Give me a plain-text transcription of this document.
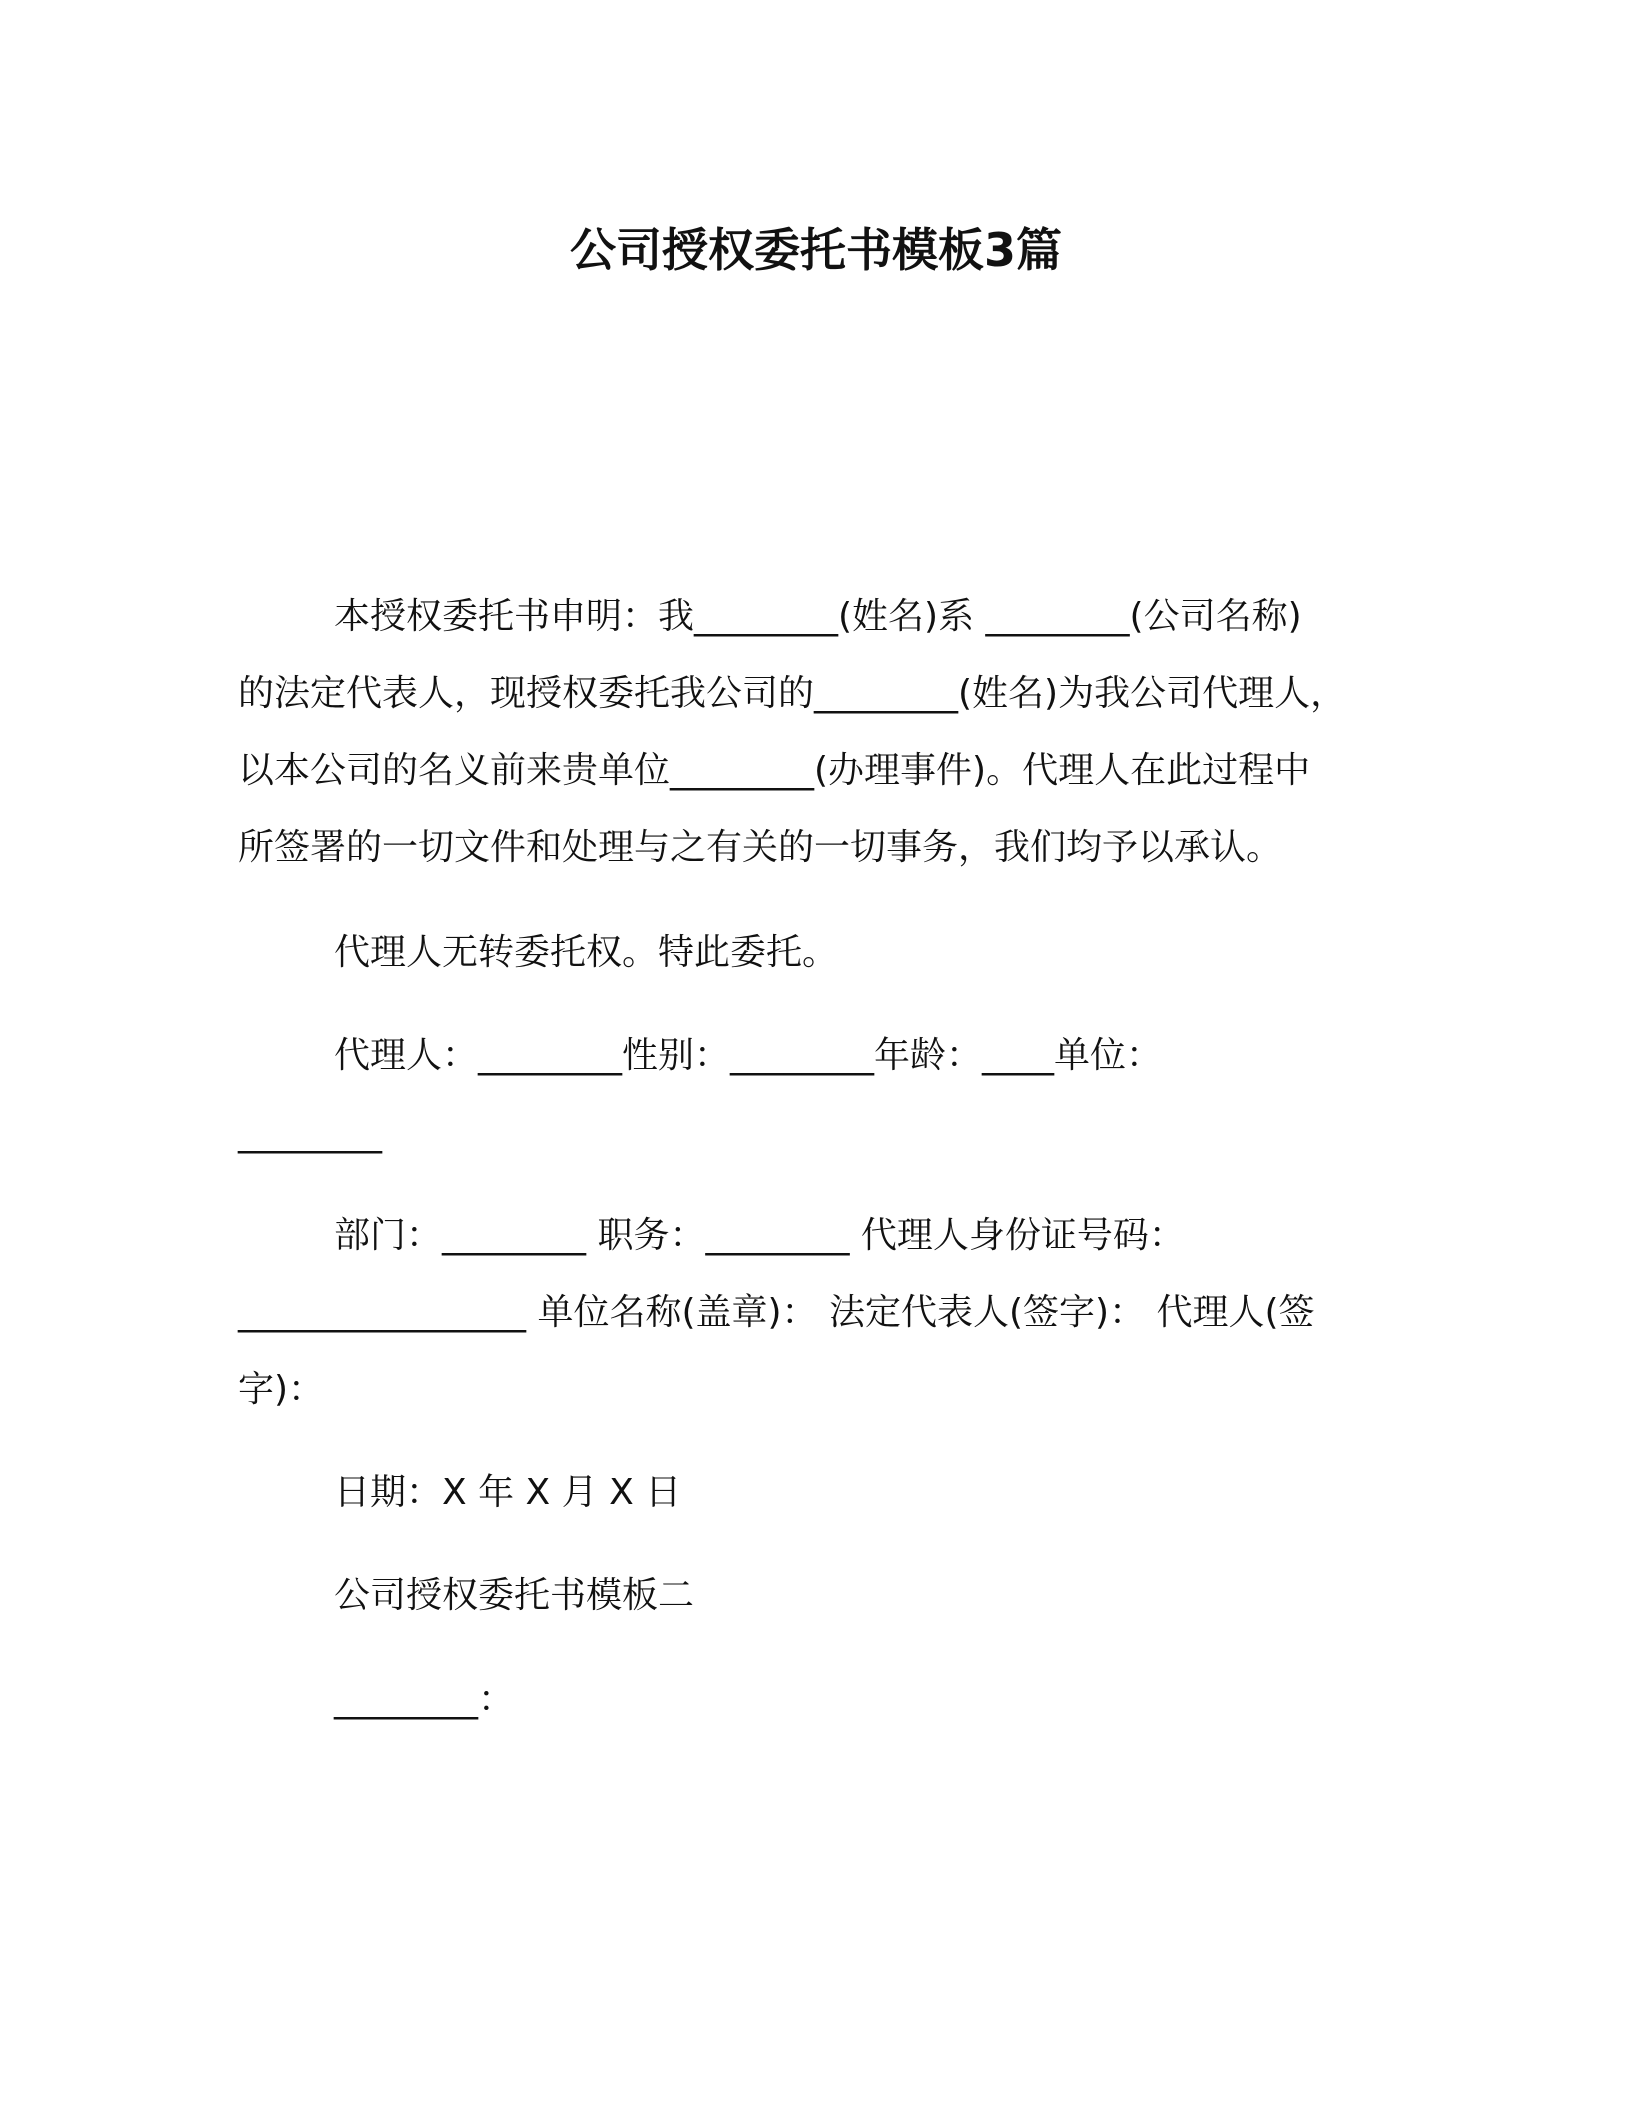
公司授权委托书模板3篇
本授权委托书申明：我________(姓名)系 ________(公司名称)
的法定代表人，现授权委托我公司的________(姓名)为我公司代理人，
以本公司的名义前来贵单位________(办理事件)。代理人在此过程中
所签署的一切文件和处理与之有关的一切事务，我们均予以承认。
代理人无转委托权。特此委托。
代理人：________性别：________年龄：____单位：
________
部门：________ 职务：________ 代理人身份证号码：
________________ 单位名称(盖章)： 法定代表人(签字)： 代理人(签
字)：
日期：X 年 X 月 X 日
公司授权委托书模板二
________：
